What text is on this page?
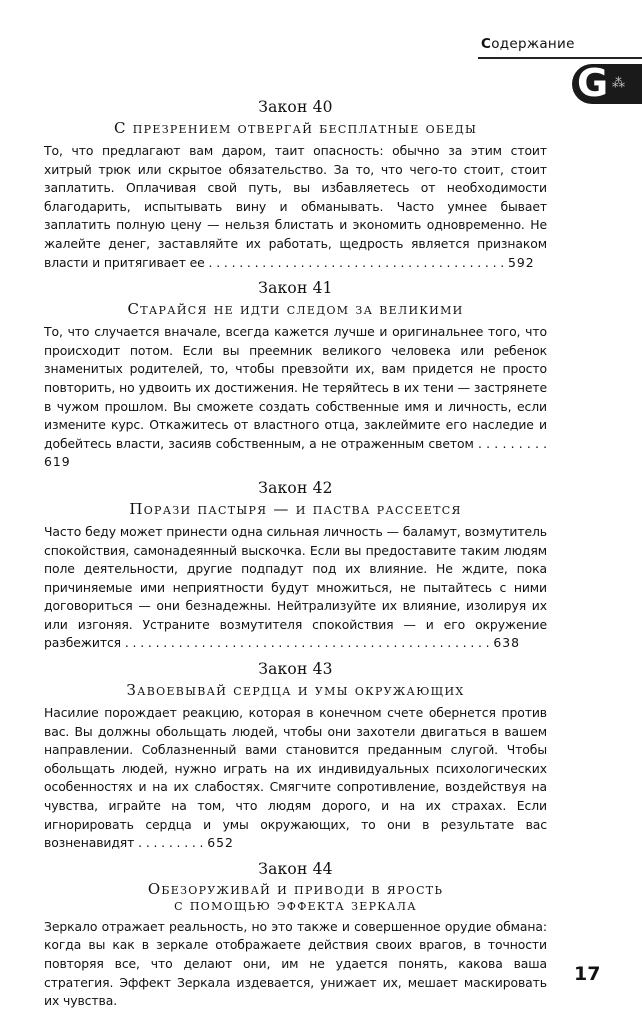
Содержание
G ⁂

Закон 40

С презрением отвергай бесплатные обеды

То, что предлагают вам даром, таит опасность: обычно за этим стоит хитрый трюк или скрытое обязательство. За то, что чего-то стоит, стоит заплатить. Оплачивая свой путь, вы избавляетесь от необходимости благодарить, испытывать вину и обманывать. Часто умнее бывает заплатить полную цену — нельзя блистать и экономить одновременно. Не жалейте денег, заставляйте их работать, щедрость является признаком власти и притягивает ее . . . . . . . . . . . . . . . . . . . . . . . . . . . . . . . . . . . . . . . 592

Закон 41

Старайся не идти следом за великими

То, что случается вначале, всегда кажется лучше и оригинальнее того, что происходит потом. Если вы преемник великого человека или ребенок знаменитых родителей, то, чтобы превзойти их, вам придется не просто повторить, но удвоить их достижения. Не теряйтесь в их тени — застрянете в чужом прошлом. Вы сможете создать собственные имя и личность, если измените курс. Откажитесь от властного отца, заклеймите его наследие и добейтесь власти, засияв собственным, а не отраженным светом . . . . . . . . . 619

Закон 42

Порази пастыря — и паства рассеется

Часто беду может принести одна сильная личность — баламут, возмутитель спокойствия, самонадеянный выскочка. Если вы предоставите таким людям поле деятельности, другие подпадут под их влияние. Не ждите, пока причиняемые ими неприятности будут множиться, не пытайтесь с ними договориться — они безнадежны. Нейтрализуйте их влияние, изолируя их или изгоняя. Устраните возмутителя спокойствия — и его окружение разбежится . . . . . . . . . . . . . . . . . . . . . . . . . . . . . . . . . . . . . . . . . . . . . . . . 638

Закон 43

Завоевывай сердца и умы окружающих

Насилие порождает реакцию, которая в конечном счете обернется против вас. Вы должны обольщать людей, чтобы они захотели двигаться в вашем направлении. Соблазненный вами становится преданным слугой. Чтобы обольщать людей, нужно играть на их индивидуальных психологических особенностях и на их слабостях. Смягчите сопротивление, воздействуя на чувства, играйте на том, что людям дорого, и на их страхах. Если игнорировать сердца и умы окружающих, то они в результате вас возненавидят . . . . . . . . . 652

Закон 44

Обезоруживай и приводи в ярость
с помощью эффекта зеркала

Зеркало отражает реальность, но это также и совершенное орудие обмана: когда вы как в зеркале отображаете действия своих врагов, в точности повторяя все, что делают они, им не удается понять, какова ваша стратегия. Эффект Зеркала издевается, унижает их, мешает маскировать их чувства.

17
